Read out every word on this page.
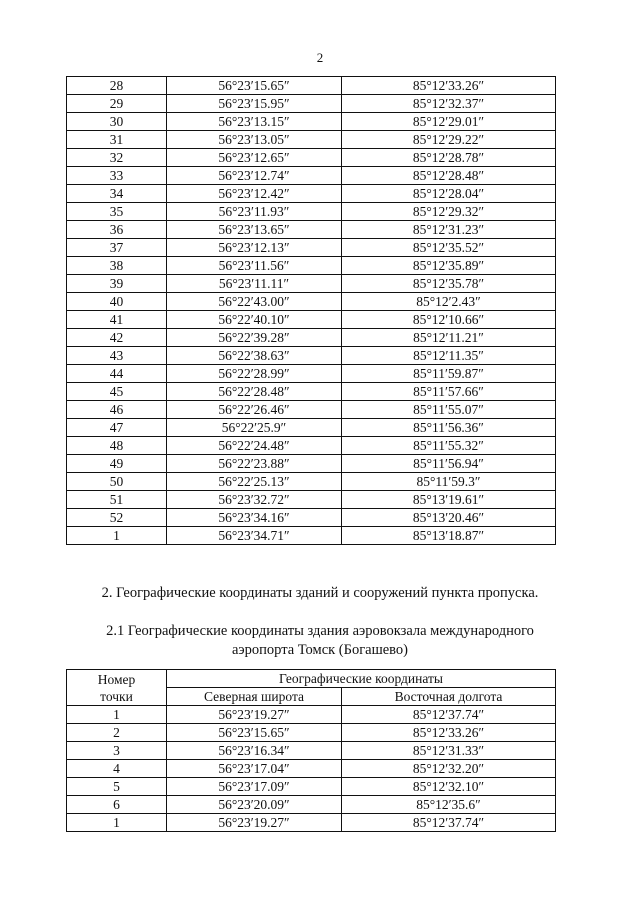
2
28	56°23′15.65″	85°12′33.26″
29	56°23′15.95″	85°12′32.37″
30	56°23′13.15″	85°12′29.01″
31	56°23′13.05″	85°12′29.22″
32	56°23′12.65″	85°12′28.78″
33	56°23′12.74″	85°12′28.48″
34	56°23′12.42″	85°12′28.04″
35	56°23′11.93″	85°12′29.32″
36	56°23′13.65″	85°12′31.23″
37	56°23′12.13″	85°12′35.52″
38	56°23′11.56″	85°12′35.89″
39	56°23′11.11″	85°12′35.78″
40	56°22′43.00″	85°12′2.43″
41	56°22′40.10″	85°12′10.66″
42	56°22′39.28″	85°12′11.21″
43	56°22′38.63″	85°12′11.35″
44	56°22′28.99″	85°11′59.87″
45	56°22′28.48″	85°11′57.66″
46	56°22′26.46″	85°11′55.07″
47	56°22′25.9″	85°11′56.36″
48	56°22′24.48″	85°11′55.32″
49	56°22′23.88″	85°11′56.94″
50	56°22′25.13″	85°11′59.3″
51	56°23′32.72″	85°13′19.61″
52	56°23′34.16″	85°13′20.46″
1	56°23′34.71″	85°13′18.87″
2. Географические координаты зданий и сооружений пункта пропуска.
2.1 Географические координаты здания аэровокзала международного
аэропорта Томск (Богашево)
Номер
точки	Географические координаты	
	Северная широта	Восточная долгота
1	56°23′19.27″	85°12′37.74″
2	56°23′15.65″	85°12′33.26″
3	56°23′16.34″	85°12′31.33″
4	56°23′17.04″	85°12′32.20″
5	56°23′17.09″	85°12′32.10″
6	56°23′20.09″	85°12′35.6″
1	56°23′19.27″	85°12′37.74″
